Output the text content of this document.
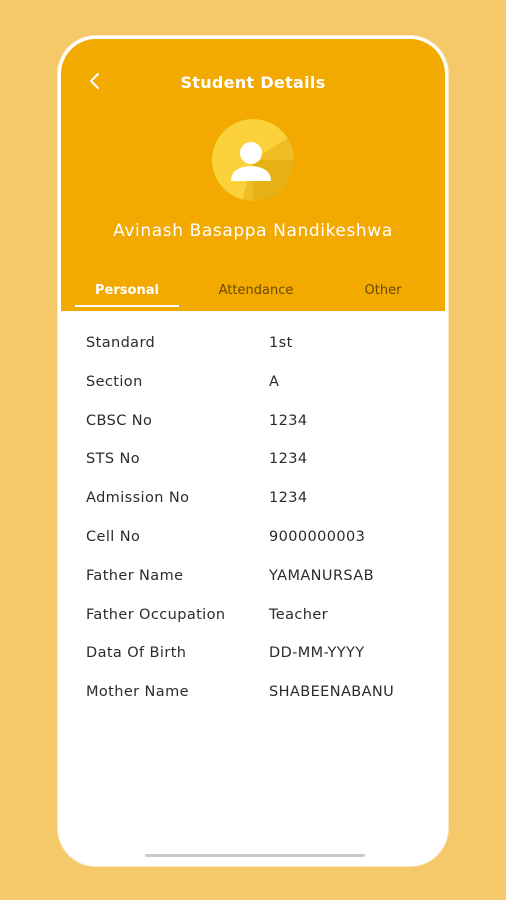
Student Details
Avinash Basappa Nandikeshwa
Personal	Attendance	Other
Standard	1st
Section	A
CBSC No	1234
STS No	1234
Admission No	1234
Cell No	9000000003
Father Name	YAMANURSAB
Father Occupation	Teacher
Data Of Birth	DD-MM-YYYY
Mother Name	SHABEENABANU
